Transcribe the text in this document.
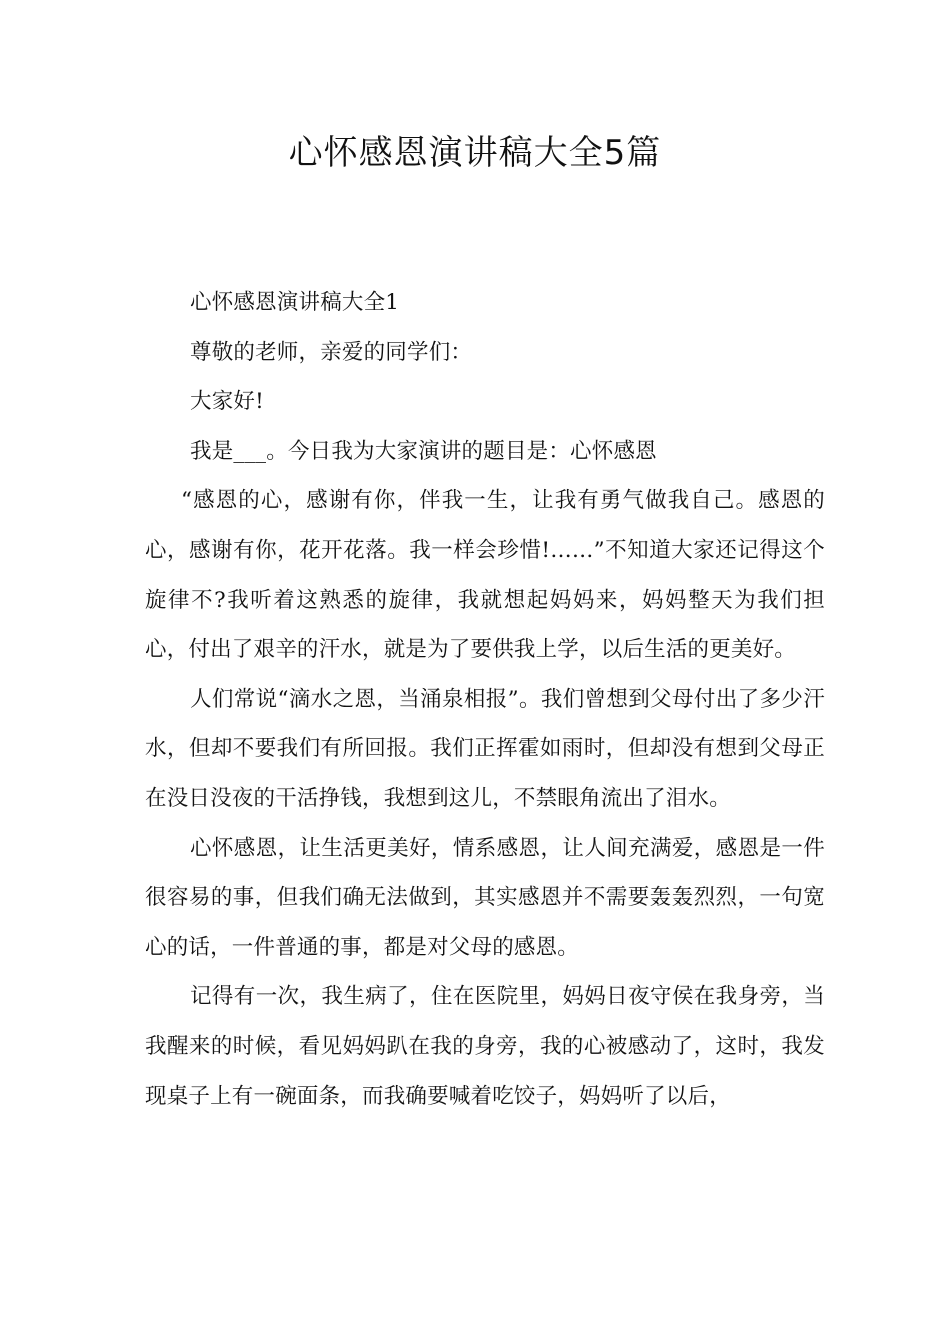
心怀感恩演讲稿大全5篇

心怀感恩演讲稿大全1

尊敬的老师，亲爱的同学们：

大家好!

我是___。今日我为大家演讲的题目是：心怀感恩

“感恩的心，感谢有你，伴我一生，让我有勇气做我自己。感恩的心，感谢有你，花开花落。我一样会珍惜!……”不知道大家还记得这个旋律不?我听着这熟悉的旋律，我就想起妈妈来，妈妈整天为我们担心，付出了艰辛的汗水，就是为了要供我上学，以后生活的更美好。

人们常说“滴水之恩，当涌泉相报”。我们曾想到父母付出了多少汗水，但却不要我们有所回报。我们正挥霍如雨时，但却没有想到父母正在没日没夜的干活挣钱，我想到这儿，不禁眼角流出了泪水。

心怀感恩，让生活更美好，情系感恩，让人间充满爱，感恩是一件很容易的事，但我们确无法做到，其实感恩并不需要轰轰烈烈，一句宽心的话，一件普通的事，都是对父母的感恩。

记得有一次，我生病了，住在医院里，妈妈日夜守侯在我身旁，当我醒来的时候，看见妈妈趴在我的身旁，我的心被感动了，这时，我发现桌子上有一碗面条，而我确要喊着吃饺子，妈妈听了以后，
